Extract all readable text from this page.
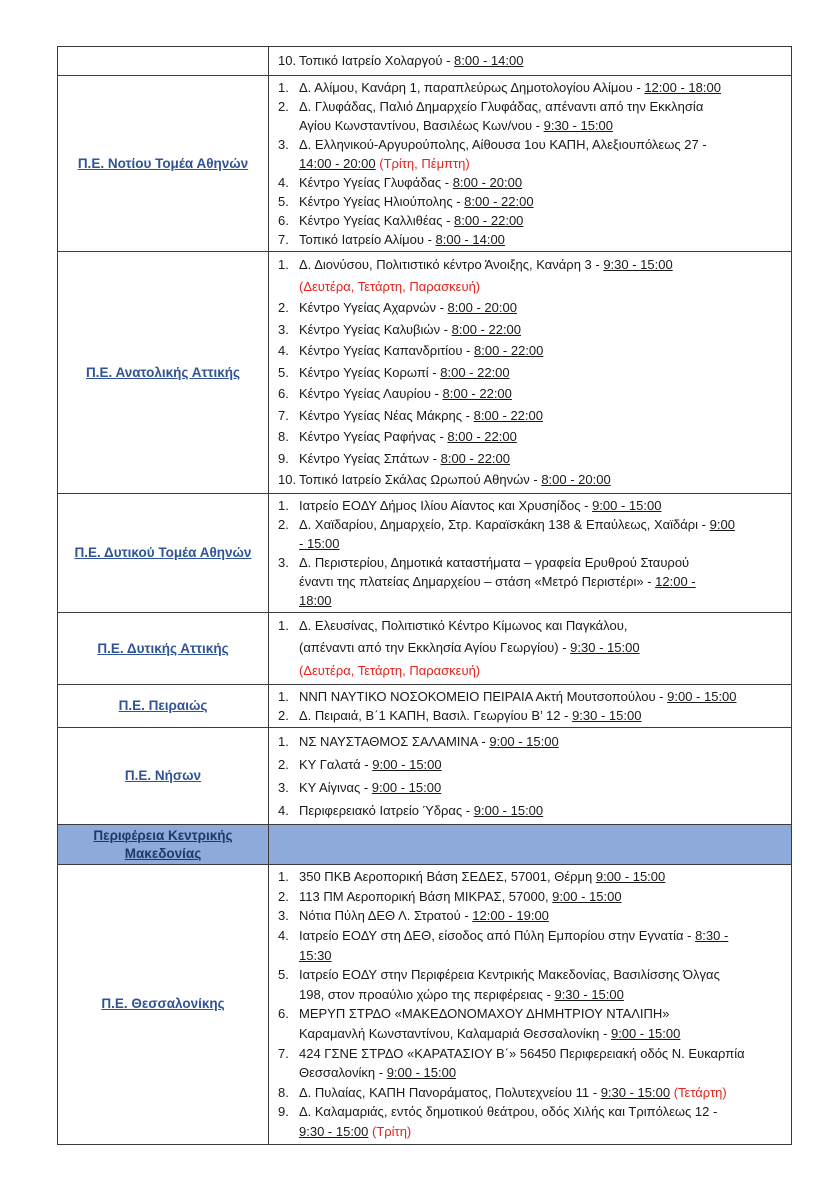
	10. Τοπικό Ιατρείο Χολαργού - 8:00 - 14:00

Π.Ε. Νοτίου Τομέα Αθηνών	
1. Δ. Αλίμου, Κανάρη 1, παραπλεύρως Δημοτολογίου Αλίμου - 12:00 - 18:00
2. Δ. Γλυφάδας, Παλιό Δημαρχείο Γλυφάδας, απέναντι από την Εκκλησία
Αγίου Κωνσταντίνου, Βασιλέως Κων/νου - 9:30 - 15:00
3. Δ. Ελληνικού-Αργυρούπολης, Αίθουσα 1ου ΚΑΠΗ, Αλεξιουπόλεως 27 -
14:00 - 20:00 (Τρίτη, Πέμπτη)
4. Κέντρο Υγείας Γλυφάδας - 8:00 - 20:00
5. Κέντρο Υγείας Ηλιούπολης - 8:00 - 22:00
6. Κέντρο Υγείας Καλλιθέας - 8:00 - 22:00
7. Τοπικό Ιατρείο Αλίμου - 8:00 - 14:00

Π.Ε. Ανατολικής Αττικής	
1. Δ. Διονύσου, Πολιτιστικό κέντρο Άνοιξης, Κανάρη 3 - 9:30 - 15:00
(Δευτέρα, Τετάρτη, Παρασκευή)
2. Κέντρο Υγείας Αχαρνών - 8:00 - 20:00
3. Κέντρο Υγείας Καλυβιών - 8:00 - 22:00
4. Κέντρο Υγείας Καπανδριτίου - 8:00 - 22:00
5. Κέντρο Υγείας Κορωπί - 8:00 - 22:00
6. Κέντρο Υγείας Λαυρίου - 8:00 - 22:00
7. Κέντρο Υγείας Νέας Μάκρης - 8:00 - 22:00
8. Κέντρο Υγείας Ραφήνας - 8:00 - 22:00
9. Κέντρο Υγείας Σπάτων - 8:00 - 22:00
10. Τοπικό Ιατρείο Σκάλας Ωρωπού Αθηνών - 8:00 - 20:00

Π.Ε. Δυτικού Τομέα Αθηνών	
1. Ιατρείο ΕΟΔΥ Δήμος Ιλίου Αίαντος και Χρυσηίδος - 9:00 - 15:00
2. Δ. Χαϊδαρίου, Δημαρχείο, Στρ. Καραϊσκάκη 138 & Επαύλεως, Χαϊδάρι - 9:00
- 15:00
3. Δ. Περιστερίου, Δημοτικά καταστήματα – γραφεία Ερυθρού Σταυρού
έναντι της πλατείας Δημαρχείου – στάση «Μετρό Περιστέρι» - 12:00 -
18:00

Π.Ε. Δυτικής Αττικής	1. Δ. Ελευσίνας, Πολιτιστικό Κέντρο Κίμωνος και Παγκάλου,
(απέναντι από την Εκκλησία Αγίου Γεωργίου) - 9:30 - 15:00
(Δευτέρα, Τετάρτη, Παρασκευή)

Π.Ε. Πειραιώς	1. ΝΝΠ ΝΑΥΤΙΚΟ ΝΟΣΟΚΟΜΕΙΟ ΠΕΙΡΑΙΑ Ακτή Μουτσοπούλου - 9:00 - 15:00
2. Δ. Πειραιά, Β΄1 ΚΑΠΗ, Βασιλ. Γεωργίου Β’ 12 - 9:30 - 15:00

Π.Ε. Νήσων	
1. ΝΣ ΝΑΥΣΤΑΘΜΟΣ ΣΑΛΑΜΙΝΑ - 9:00 - 15:00
2. ΚΥ Γαλατά - 9:00 - 15:00
3. ΚΥ Αίγινας - 9:00 - 15:00
4. Περιφερειακό Ιατρείο Ύδρας - 9:00 - 15:00

Περιφέρεια Κεντρικής Μακεδονίας	
Π.Ε. Θεσσαλονίκης	
1. 350 ΠΚΒ Αεροπορική Βάση ΣΕΔΕΣ, 57001, Θέρμη 9:00 - 15:00
2. 113 ΠΜ Αεροπορική Βάση ΜΙΚΡΑΣ, 57000, 9:00 - 15:00
3. Νότια Πύλη ΔΕΘ Λ. Στρατού - 12:00 - 19:00
4. Ιατρείο ΕΟΔΥ στη ΔΕΘ, είσοδος από Πύλη Εμπορίου στην Εγνατία - 8:30 -
15:30
5. Ιατρείο ΕΟΔΥ στην Περιφέρεια Κεντρικής Μακεδονίας, Βασιλίσσης Όλγας
198, στον προαύλιο χώρο της περιφέρειας - 9:30 - 15:00
6. ΜΕΡΥΠ ΣΤΡΔΟ «ΜΑΚΕΔΟΝΟΜΑΧΟΥ ΔΗΜΗΤΡΙΟΥ ΝΤΑΛΙΠΗ»
Καραμανλή Κωνσταντίνου, Καλαμαριά Θεσσαλονίκη - 9:00 - 15:00
7. 424 ΓΣΝΕ ΣΤΡΔΟ «ΚΑΡΑΤΑΣΙΟΥ Β΄» 56450 Περιφερειακή οδός Ν. Ευκαρπία
Θεσσαλονίκη - 9:00 - 15:00
8. Δ. Πυλαίας, ΚΑΠΗ Πανοράματος, Πολυτεχνείου 11 - 9:30 - 15:00 (Τετάρτη)
9. Δ. Καλαμαριάς, εντός δημοτικού θεάτρου, οδός Χιλής και Τριπόλεως 12 -
9:30 - 15:00 (Τρίτη)
